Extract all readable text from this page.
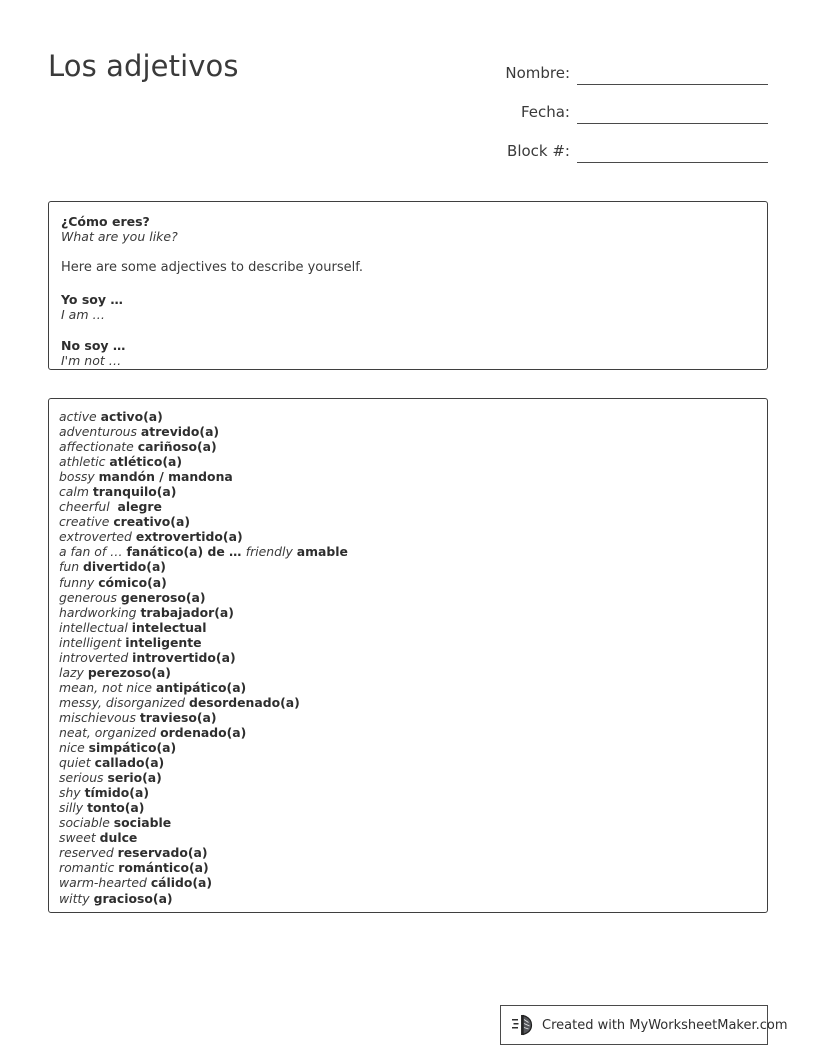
Los adjetivos	Nombre:
Fecha:
Block #:
¿Cómo eres?
What are you like?
Here are some adjectives to describe yourself.
Yo soy …
I am …
No soy …
I'm not …
active activo(a)
adventurous atrevido(a)
affectionate cariñoso(a)
athletic atlético(a)
bossy mandón / mandona
calm tranquilo(a)
cheerful  alegre
creative creativo(a)
extroverted extrovertido(a)
a fan of … fanático(a) de … friendly amable
fun divertido(a)
funny cómico(a)
generous generoso(a)
hardworking trabajador(a)
intellectual intelectual
intelligent inteligente
introverted introvertido(a)
lazy perezoso(a)
mean, not nice antipático(a)
messy, disorganized desordenado(a)
mischievous travieso(a)
neat, organized ordenado(a)
nice simpático(a)
quiet callado(a)
serious serio(a)
shy tímido(a)
silly tonto(a)
sociable sociable
sweet dulce
reserved reservado(a)
romantic romántico(a)
warm-hearted cálido(a)
witty gracioso(a)
Created with MyWorksheetMaker.com
